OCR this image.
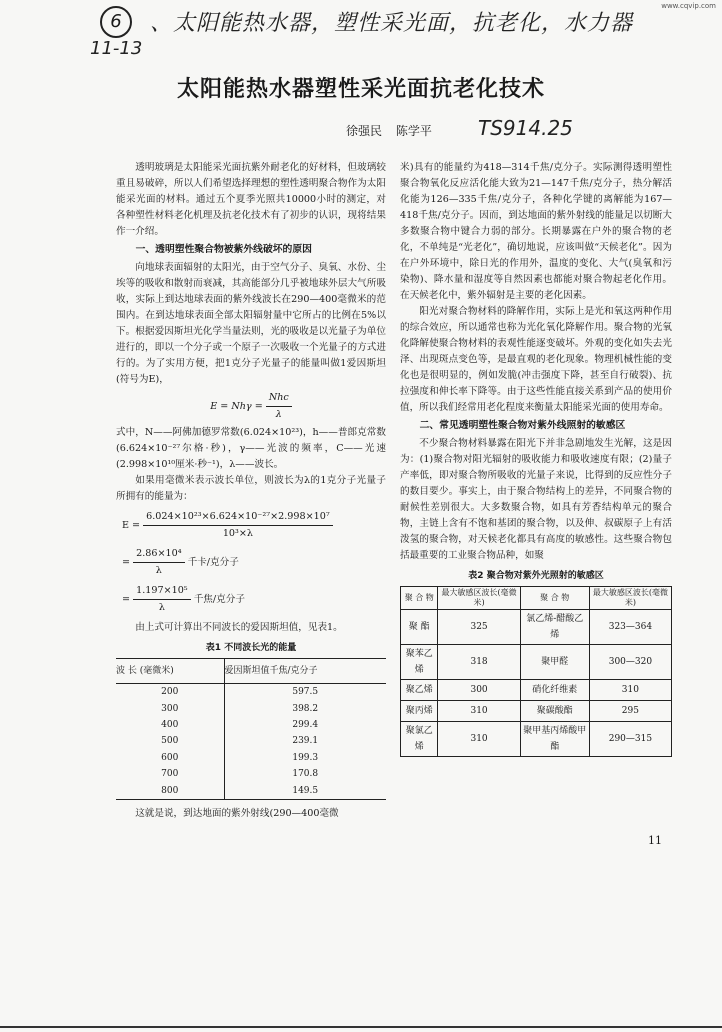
6	、太阳能热水器，塑性采光面，抗老化，水力器
11-13
TS914.25
www.cqvip.com
太阳能热水器塑性采光面抗老化技术
徐强民 陈学平

透明玻璃是太阳能采光面抗紫外耐老化的好材料，但玻璃较重且易破碎，所以人们希望选择理想的塑性透明聚合物作为太阳能采光面的材料。通过五个夏季光照共10000小时的测定，对各种塑性材料老化机理及抗老化技术有了初步的认识，现将结果作一介绍。

一、透明塑性聚合物被紫外线破坏的原因

向地球表面辐射的太阳光，由于空气分子、臭氧、水份、尘埃等的吸收和散射而衰减，其高能部分几乎被地球外层大气所吸收，实际上到达地球表面的紫外线波长在290—400毫微米的范围内。在到达地球表面全部太阳辐射量中它所占的比例在5%以下。根据爱因斯坦光化学当量法则，光的吸收是以光量子为单位进行的，即以一个分子或一个原子一次吸收一个光量子的方式进行的。为了实用方便，把1克分子光量子的能量叫做1爱因斯坦(符号为E)，

$E = Nh\gamma = \frac{\text{Nhc}}{\lambda}$

式中，N——阿佛加德罗常数(6.024×10²³)，h——普郎克常数(6.624×10⁻²⁷尔格·秒)，γ——光波的频率，C——光速(2.998×10¹⁰厘米·秒⁻¹)，λ——波长。

如果用毫微米表示波长单位，则波长为λ的1克分子光量子所拥有的能量为：

$E = \frac{\text{6.024×10²³×6.624×10⁻²⁷×2.998×10⁷}}{\text{10³×λ}}$
= $\frac{\text{2.86×10⁴}}{\lambda}$ 千卡/克分子
= $\frac{\text{1.197×10⁵}}{\lambda}$ 千焦/克分子

由上式可计算出不同波长的爱因斯坦值，见表1。

表1 不同波长光的能量
波 长 (毫微米)	爱因斯坦值千焦/克分子
200	597.5
300	398.2
400	299.4
500	239.1
600	199.3
700	170.8
800	149.5

这就是说，到达地面的紫外射线(290—400毫微

米)具有的能量约为418—314千焦/克分子。实际测得透明塑性聚合物氧化反应活化能大致为21—147千焦/克分子，热分解活化能为126—335千焦/克分子，各种化学键的离解能为167—418千焦/克分子。因而，到达地面的紫外射线的能量足以切断大多数聚合物中键合力弱的部分。长期暴露在户外的聚合物的老化，不单纯是“光老化”，确切地说，应该叫做“天候老化”。因为在户外环境中，除日光的作用外，温度的变化、大气(臭氧和污染物)、降水量和湿度等自然因素也都能对聚合物起老化作用。在天候老化中，紫外辐射是主要的老化因素。

阳光对聚合物材料的降解作用，实际上是光和氧这两种作用的综合效应，所以通常也称为光化氧化降解作用。聚合物的光氧化降解使聚合物材料的表观性能逐变破坏。外观的变化如失去光泽、出现斑点变色等，是最直观的老化现象。物理机械性能的变化也是很明显的，例如发脆(冲击强度下降，甚至自行破裂)、抗拉强度和伸长率下降等。由于这些性能直接关系到产品的使用价值，所以我们经常用老化程度来衡量太阳能采光面的使用寿命。

二、常见透明塑性聚合物对紫外线照射的敏感区

不少聚合物材料暴露在阳光下并非急剧地发生光解，这是因为：(1)聚合物对阳光辐射的吸收能力和吸收速度有限；(2)量子产率低，即对聚合物所吸收的光量子来说，比得到的反应性分子的数目要少。事实上，由于聚合物结构上的差异，不同聚合物的耐候性差别很大。大多数聚合物，如具有芳香结构单元的聚合物，主链上含有不饱和基团的聚合物，以及伸、叔碳原子上有活泼氢的聚合物，对天候老化都具有高度的敏感性。这些聚合物包括最重要的工业聚合物品种，如聚

表2 聚合物对紫外光照射的敏感区
聚 合 物	最大敏感区波长(毫微米)	聚 合 物	最大敏感区波长(毫微米)
聚 酯	325	氯乙烯-醋酸乙烯	323—364
聚苯乙烯	318	聚甲醛	300—320
聚乙烯	300	硝化纤维素	310
聚丙烯	310	聚碳酸酯	295
聚氯乙烯	310	聚甲基丙烯酸甲酯	290—315
11
